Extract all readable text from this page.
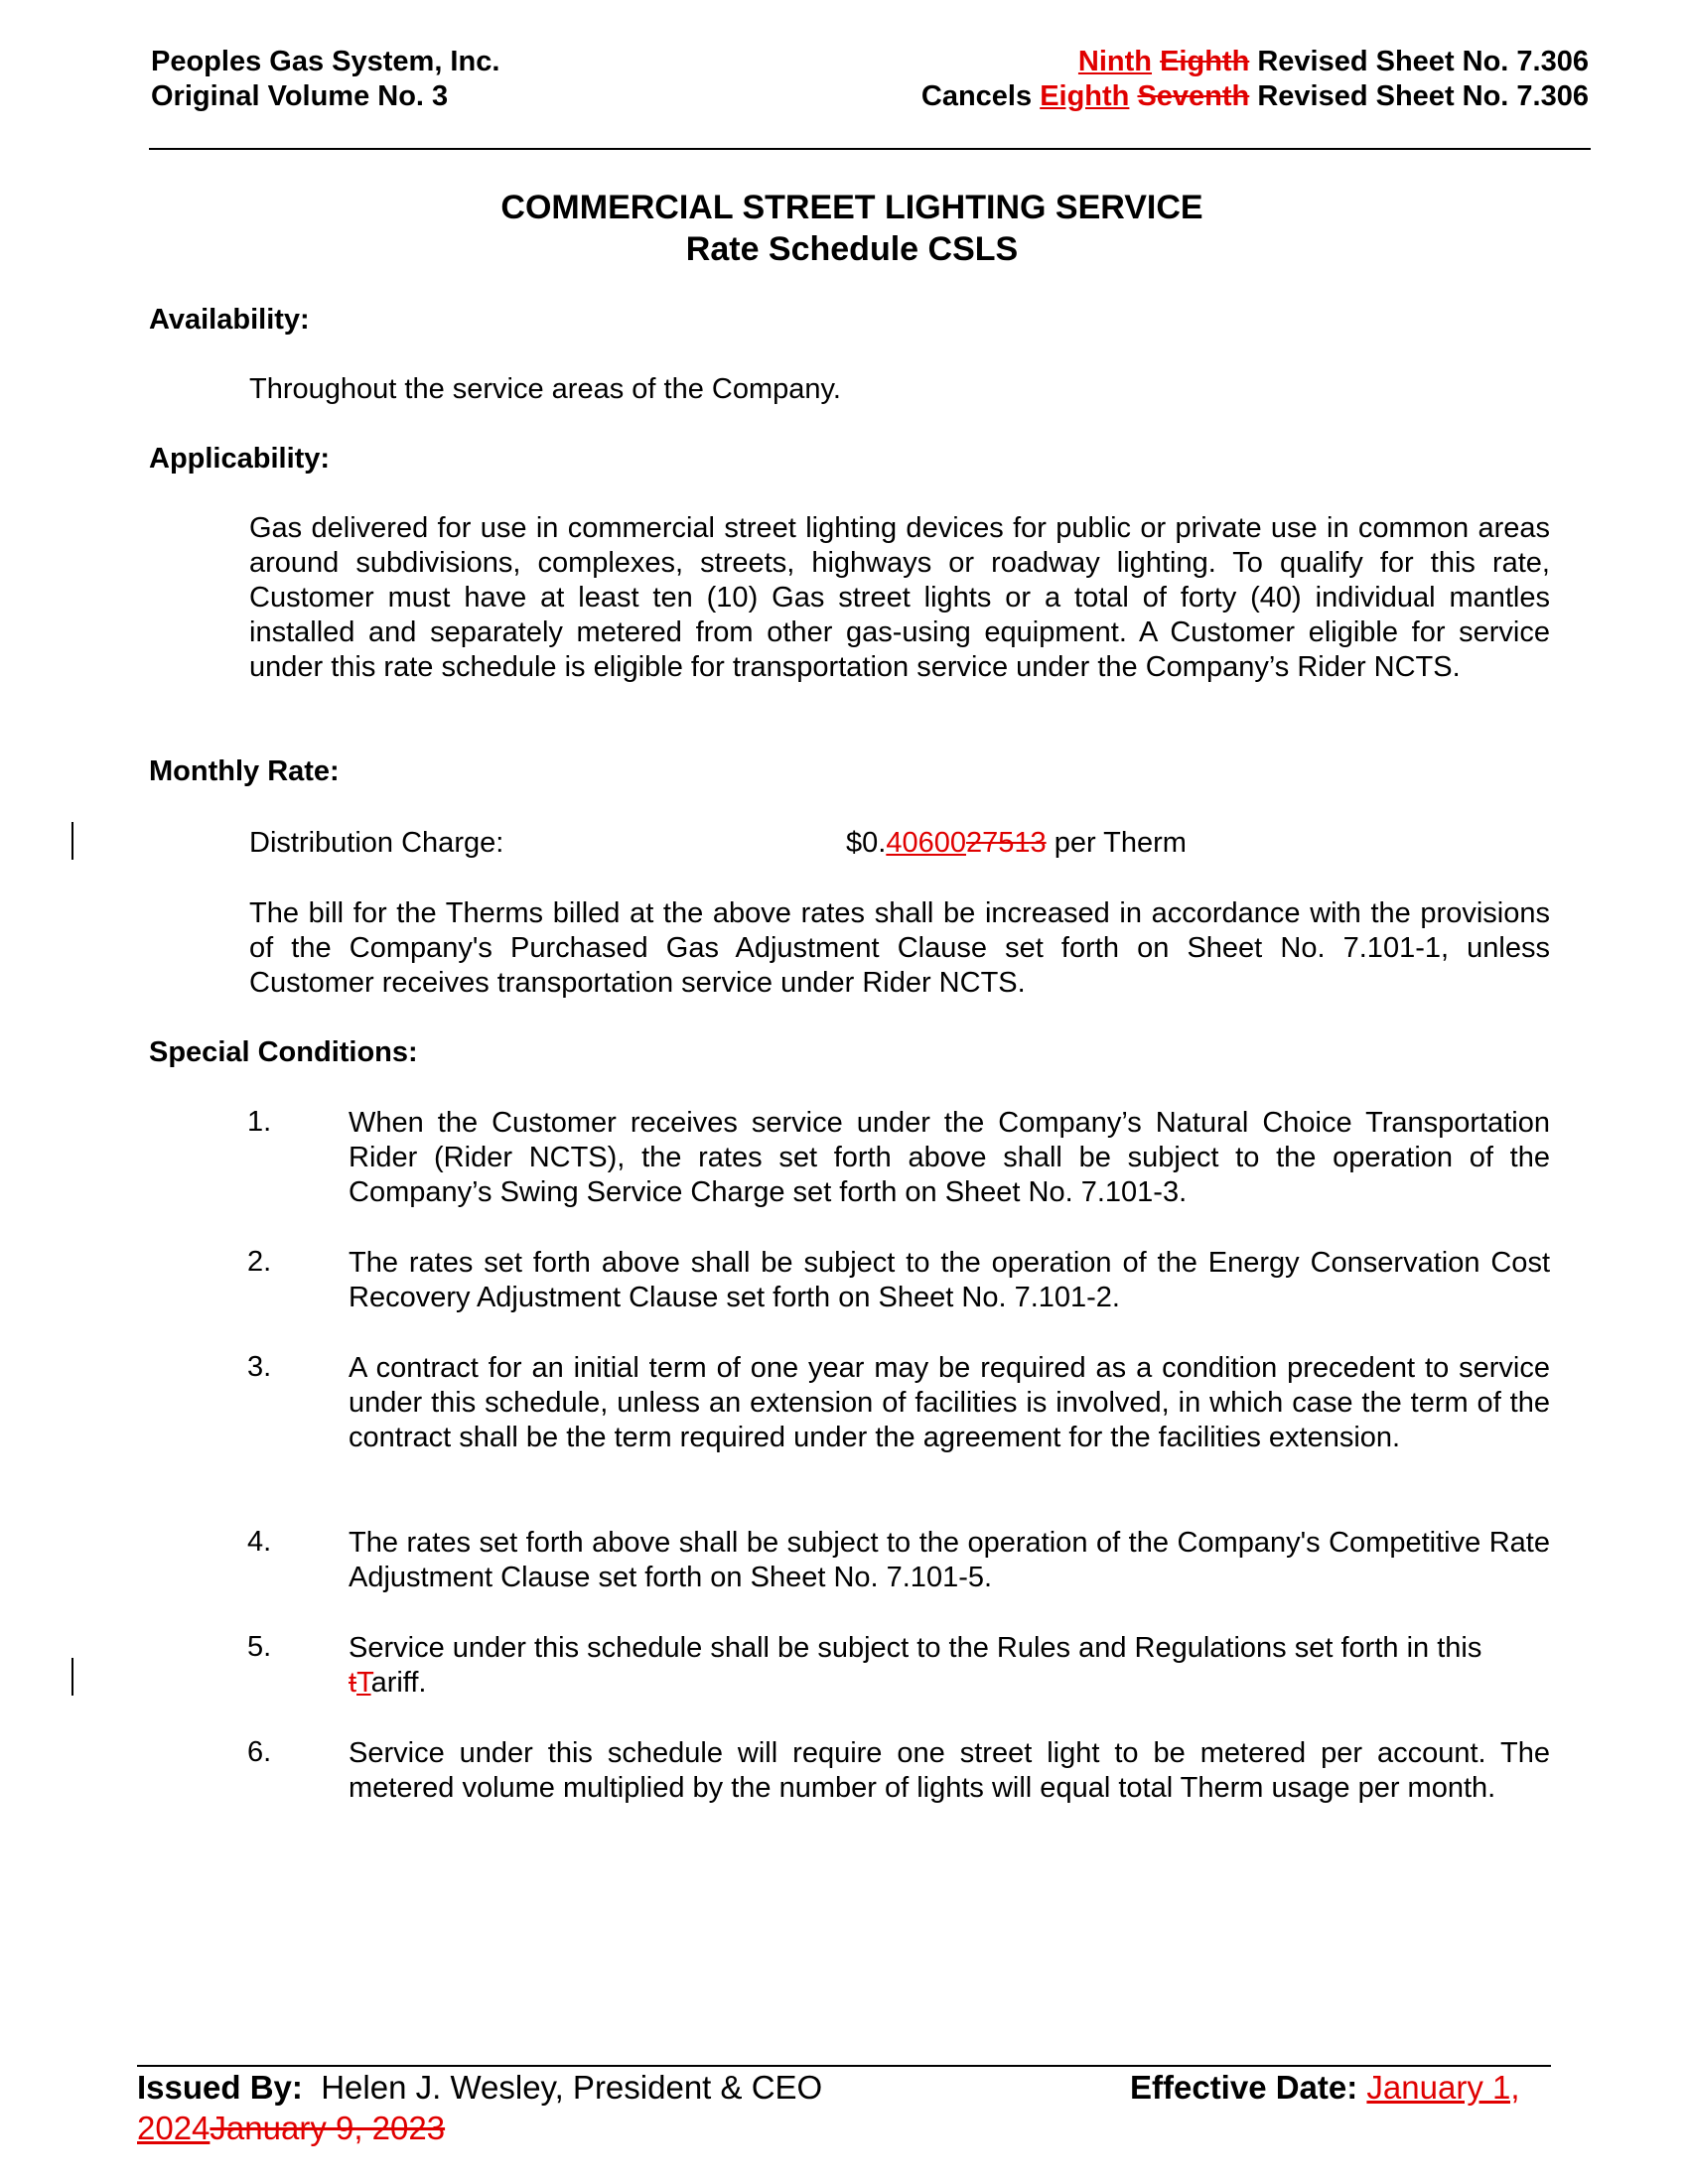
Peoples Gas System, Inc.
Original Volume No. 3
Ninth Eighth Revised Sheet No. 7.306
Cancels Eighth Seventh Revised Sheet No. 7.306
COMMERCIAL STREET LIGHTING SERVICE
Rate Schedule CSLS
Availability:
Throughout the service areas of the Company.
Applicability:
Gas delivered for use in commercial street lighting devices for public or private use in common areas around subdivisions, complexes, streets, highways or roadway lighting. To qualify for this rate, Customer must have at least ten (10) Gas street lights or a total of forty (40) individual mantles installed and separately metered from other gas-using equipment. A Customer eligible for service under this rate schedule is eligible for transportation service under the Company’s Rider NCTS.
Monthly Rate:
Distribution Charge:	$0.4060027513 per Therm
The bill for the Therms billed at the above rates shall be increased in accordance with the provisions of the Company's Purchased Gas Adjustment Clause set forth on Sheet No. 7.101-1, unless Customer receives transportation service under Rider NCTS.
Special Conditions:
1.	When the Customer receives service under the Company’s Natural Choice Transportation Rider (Rider NCTS), the rates set forth above shall be subject to the operation of the Company’s Swing Service Charge set forth on Sheet No. 7.101-3.
2.	The rates set forth above shall be subject to the operation of the Energy Conservation Cost Recovery Adjustment Clause set forth on Sheet No. 7.101-2.
3.	A contract for an initial term of one year may be required as a condition precedent to service under this schedule, unless an extension of facilities is involved, in which case the term of the contract shall be the term required under the agreement for the facilities extension.
4.	The rates set forth above shall be subject to the operation of the Company's Competitive Rate Adjustment Clause set forth on Sheet No. 7.101-5.
5.	Service under this schedule shall be subject to the Rules and Regulations set forth in this tTariff.
6.	Service under this schedule will require one street light to be metered per account. The metered volume multiplied by the number of lights will equal total Therm usage per month.
Issued By:  Helen J. Wesley, President & CEO	Effective Date: January 1,
2024January 9, 2023
